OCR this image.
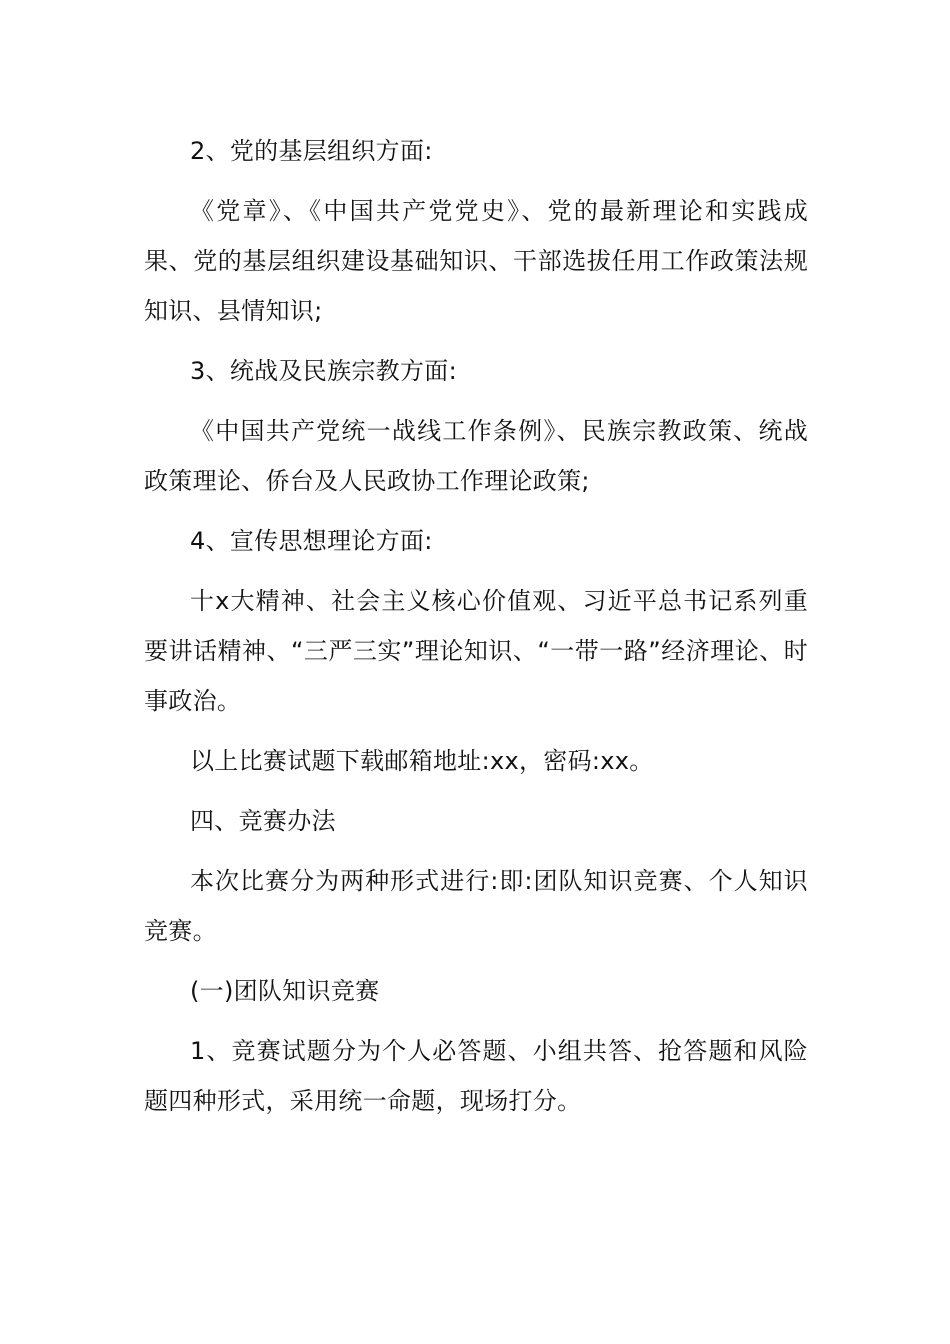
2、党的基层组织方面:

《党章》、《中国共产党党史》、党的最新理论和实践成果、党的基层组织建设基础知识、干部选拔任用工作政策法规知识、县情知识;

3、统战及民族宗教方面:

《中国共产党统一战线工作条例》、民族宗教政策、统战政策理论、侨台及人民政协工作理论政策;

4、宣传思想理论方面:

十x大精神、社会主义核心价值观、习近平总书记系列重要讲话精神、“三严三实”理论知识、“一带一路”经济理论、时事政治。

以上比赛试题下载邮箱地址:xx，密码:xx。

四、竞赛办法

本次比赛分为两种形式进行:即:团队知识竞赛、个人知识竞赛。

(一)团队知识竞赛

1、竞赛试题分为个人必答题、小组共答、抢答题和风险题四种形式，采用统一命题，现场打分。
